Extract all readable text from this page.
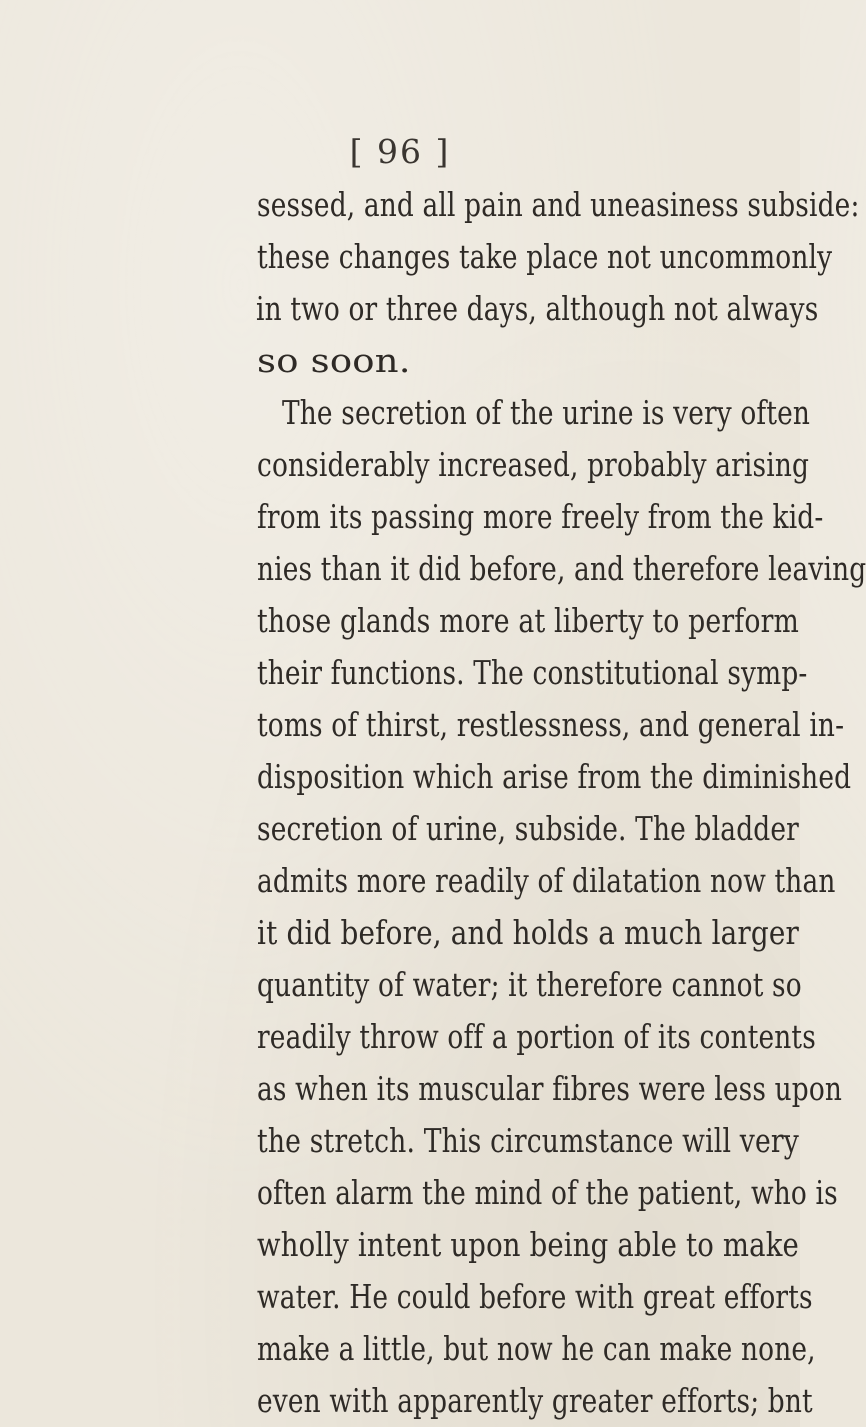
[ 96 ]
sessed, and all pain and uneasiness subside:
these changes take place not uncommonly
in two or three days, although not always
so soon.
The secretion of the urine is very often
considerably increased, probably arising
from its passing more freely from the kid-
nies than it did before, and therefore leaving
those glands more at liberty to perform
their functions. The constitutional symp-
toms of thirst, restlessness, and general in-
disposition which arise from the diminished
secretion of urine, subside. The bladder
admits more readily of dilatation now than
it did before, and holds a much larger
quantity of water; it therefore cannot so
readily throw off a portion of its contents
as when its muscular fibres were less upon
the stretch. This circumstance will very
often alarm the mind of the patient, who is
wholly intent upon being able to make
water. He could before with great efforts
make a little, but now he can make none,
even with apparently greater efforts; bnt
